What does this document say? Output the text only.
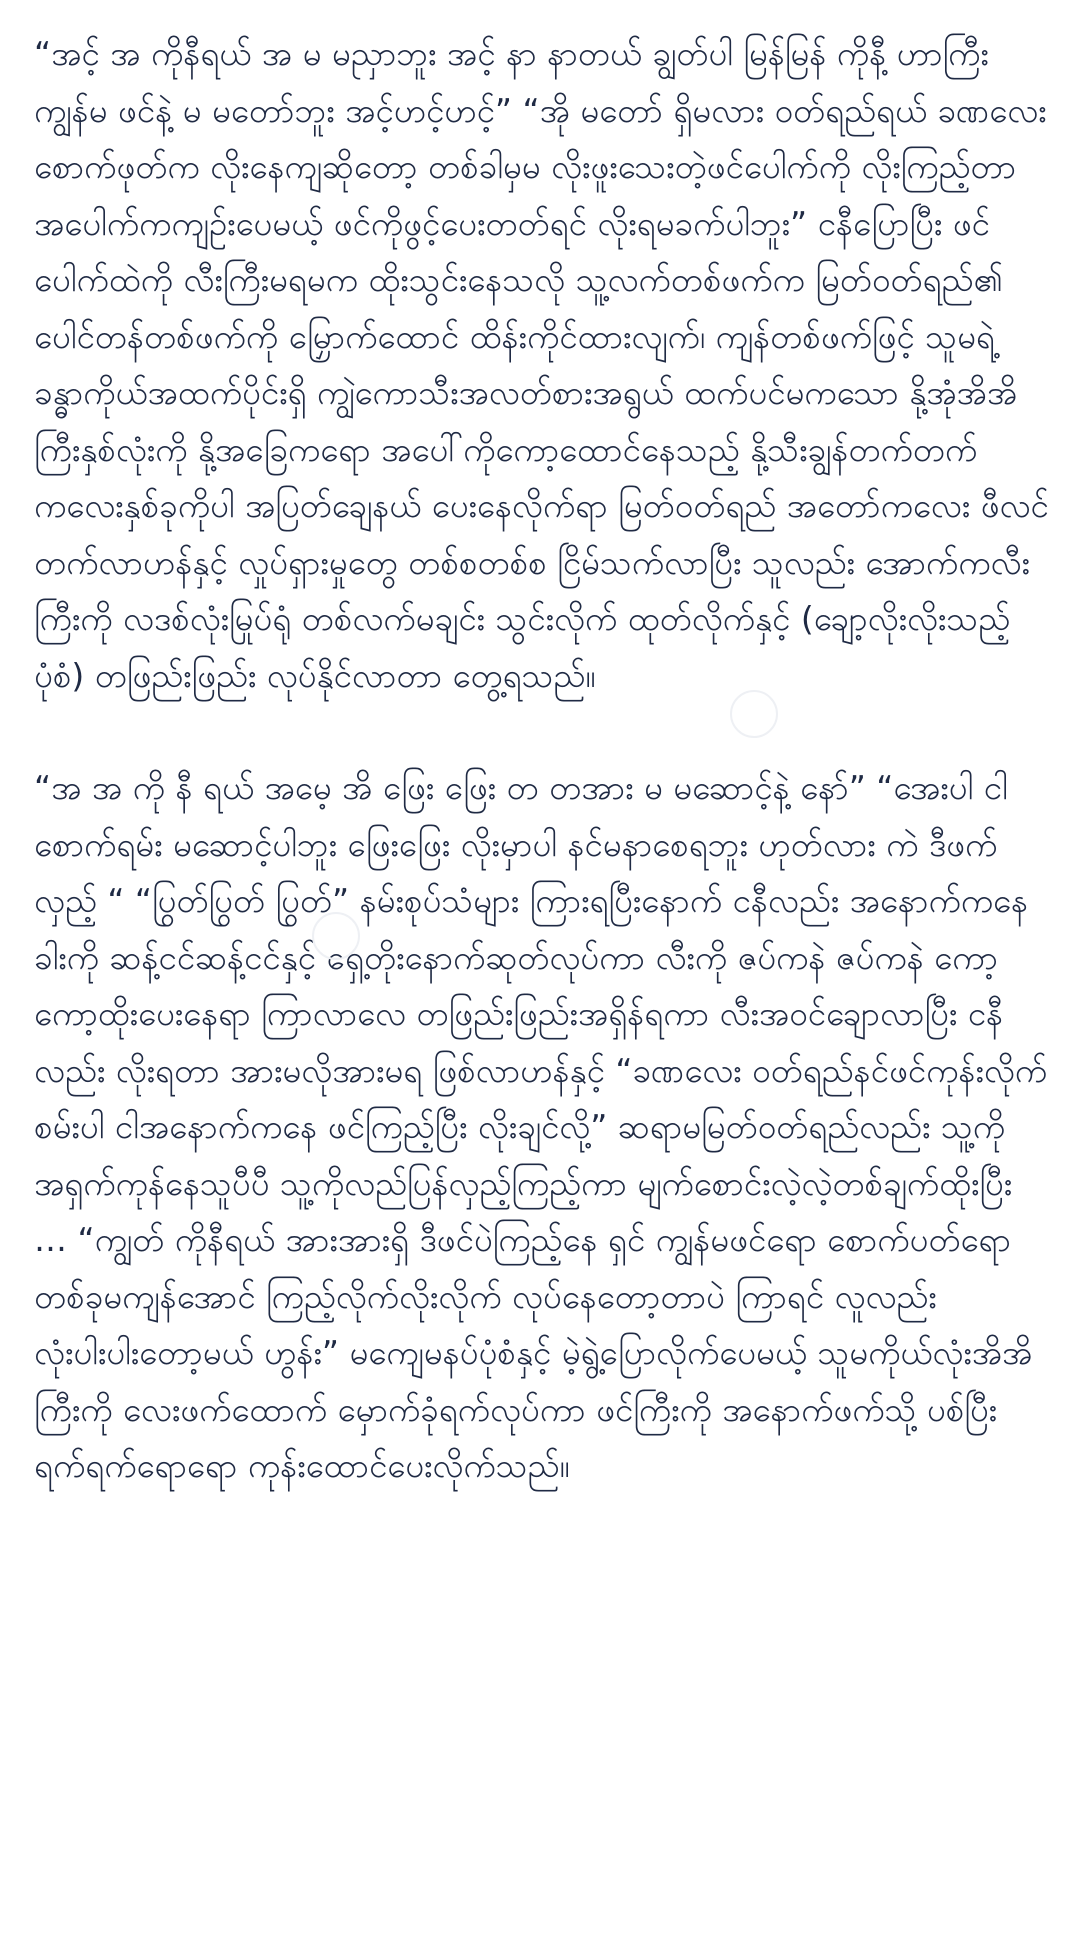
“အင့် အ ကိုနီရယ် အ မ မညှာဘူး အင့် နာ နာတယ် ချွတ်ပါ မြန်မြန် ကိုနီ့ ဟာကြီး ကျွန်မ ဖင်နဲ့ မ မတော်ဘူး အင့်ဟင့်ဟင့်” “အို မတော် ရှိမလား ဝတ်ရည်ရယ် ခဏလေး စောက်ဖုတ်က လိုးနေကျဆိုတော့ တစ်ခါမှမ လိုးဖူးသေးတဲ့ဖင်ပေါက်ကို လိုးကြည့်တာ အပေါက်ကကျဉ်းပေမယ့် ဖင်ကိုဖွင့်ပေးတတ်ရင် လိုးရမခက်ပါဘူး” ငနီပြောပြီး ဖင်ပေါက်ထဲကို လီးကြီးမရမက ထိုးသွင်းနေသလို သူ့လက်တစ်ဖက်က မြတ်ဝတ်ရည်၏ ပေါင်တန်တစ်ဖက်ကို မြှောက်ထောင် ထိန်းကိုင်ထားလျက်၊ ကျန်တစ်ဖက်ဖြင့် သူမရဲ့ခန္ဓာကိုယ်အထက်ပိုင်းရှိ ကျွဲကောသီးအလတ်စားအရွယ် ထက်ပင်မကသော နို့အုံအိအိကြီးနှစ်လုံးကို နို့အခြေကရော အပေါ်ကိုကော့ထောင်နေသည့် နို့သီးချွန်တက်တက် ကလေးနှစ်ခုကိုပါ အပြတ်ချေနယ် ပေးနေလိုက်ရာ မြတ်ဝတ်ရည် အတော်ကလေး ဖီလင်တက်လာဟန်နှင့် လှုပ်ရှားမှုတွေ တစ်စတစ်စ ငြိမ်သက်လာပြီး သူလည်း အောက်ကလီးကြီးကို လဒစ်လုံးမြုပ်ရုံ တစ်လက်မချင်း သွင်းလိုက် ထုတ်လိုက်နှင့် (ချော့လိုးလိုးသည့်ပုံစံ) တဖြည်းဖြည်း လုပ်နိုင်လာတာ တွေ့ရသည်။

“အ အ ကို နီ ရယ် အမေ့ အိ ဖြေး ဖြေး တ တအား မ မဆောင့်နဲ့ နော်” “အေးပါ ငါ စောက်ရမ်း မဆောင့်ပါဘူး ဖြေးဖြေး လိုးမှာပါ နင်မနာစေရဘူး ဟုတ်လား ကဲ ဒီဖက်လှည့် “ “ပြွတ်ပြွတ် ပြွတ်” နမ်းစုပ်သံများ ကြားရပြီးနောက် ငနီလည်း အနောက်ကနေ ခါးကို ဆန့်ငင်ဆန့်ငင်နှင့် ရှေ့တိုးနောက်ဆုတ်လုပ်ကာ လီးကို ဇပ်ကနဲ ဇပ်ကနဲ ကော့ကော့ထိုးပေးနေရာ ကြာလာလေ တဖြည်းဖြည်းအရှိန်ရကာ လီးအဝင်ချောလာပြီး ငနီလည်း လိုးရတာ အားမလိုအားမရ ဖြစ်လာဟန်နှင့် “ခဏလေး ဝတ်ရည်နင်ဖင်ကုန်းလိုက်စမ်းပါ ငါအနောက်ကနေ ဖင်ကြည့်ပြီး လိုးချင်လို့” ဆရာမမြတ်ဝတ်ရည်လည်း သူ့ကို အရှက်ကုန်နေသူပီပီ သူ့ကိုလည်ပြန်လှည့်ကြည့်ကာ မျက်စောင်းလဲ့လဲ့တစ်ချက်ထိုးပြီး … “ကျွတ် ကိုနီရယ် အားအားရှိ ဒီဖင်ပဲကြည့်နေ ရှင် ကျွန်မဖင်ရော စောက်ပတ်ရော တစ်ခုမကျန်အောင် ကြည့်လိုက်လိုးလိုက် လုပ်နေတော့တာပဲ ကြာရင် လူလည်း လုံးပါးပါးတော့မယ် ဟွန်း” မကျေမနပ်ပုံစံနှင့် မဲ့ရွဲ့ပြောလိုက်ပေမယ့် သူမကိုယ်လုံးအိအိကြီးကို လေးဖက်ထောက် မှောက်ခုံရက်လုပ်ကာ ဖင်ကြီးကို အနောက်ဖက်သို့ ပစ်ပြီး ရက်ရက်ရောရော ကုန်းထောင်ပေးလိုက်သည်။
